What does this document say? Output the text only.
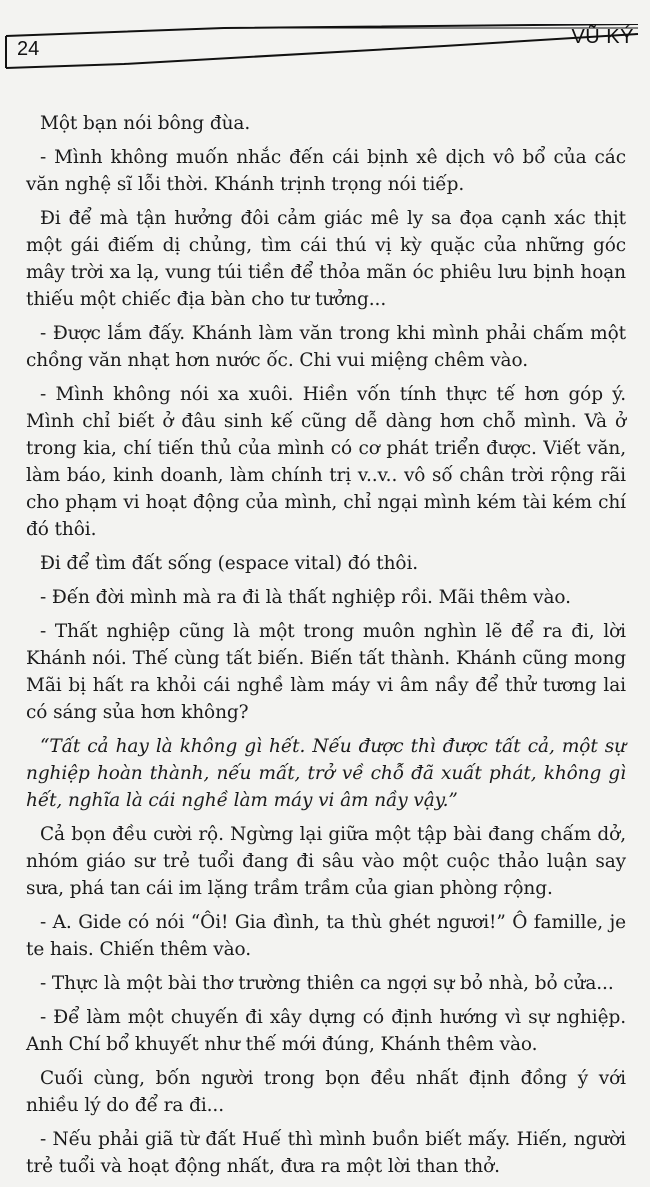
24
VŨ KÝ

Một bạn nói bông đùa.

- Mình không muốn nhắc đến cái bịnh xê dịch vô bổ của các văn nghệ sĩ lỗi thời. Khánh trịnh trọng nói tiếp.

Đi để mà tận hưởng đôi cảm giác mê ly sa đọa cạnh xác thịt một gái điếm dị chủng, tìm cái thú vị kỳ quặc của những góc mây trời xa lạ, vung túi tiền để thỏa mãn óc phiêu lưu bịnh hoạn thiếu một chiếc địa bàn cho tư tưởng...

- Được lắm đấy. Khánh làm văn trong khi mình phải chấm một chồng văn nhạt hơn nước ốc. Chi vui miệng chêm vào.

- Mình không nói xa xuôi. Hiền vốn tính thực tế hơn góp ý. Mình chỉ biết ở đâu sinh kế cũng dễ dàng hơn chỗ mình. Và ở trong kia, chí tiến thủ của mình có cơ phát triển được. Viết văn, làm báo, kinh doanh, làm chính trị v..v.. vô số chân trời rộng rãi cho phạm vi hoạt động của mình, chỉ ngại mình kém tài kém chí đó thôi.

Đi để tìm đất sống (espace vital) đó thôi.

- Đến đời mình mà ra đi là thất nghiệp rồi. Mãi thêm vào.

- Thất nghiệp cũng là một trong muôn nghìn lẽ để ra đi, lời Khánh nói. Thế cùng tất biến. Biến tất thành. Khánh cũng mong Mãi bị hất ra khỏi cái nghề làm máy vi âm nầy để thử tương lai có sáng sủa hơn không?

“Tất cả hay là không gì hết. Nếu được thì được tất cả, một sự nghiệp hoàn thành, nếu mất, trở về chỗ đã xuất phát, không gì hết, nghĩa là cái nghề làm máy vi âm nầy vậy.”

Cả bọn đều cười rộ. Ngừng lại giữa một tập bài đang chấm dở, nhóm giáo sư trẻ tuổi đang đi sâu vào một cuộc thảo luận say sưa, phá tan cái im lặng trầm trầm của gian phòng rộng.

- A. Gide có nói “Ôi! Gia đình, ta thù ghét ngươi!” Ô famille, je te hais. Chiến thêm vào.

- Thực là một bài thơ trường thiên ca ngợi sự bỏ nhà, bỏ cửa...

- Để làm một chuyến đi xây dựng có định hướng vì sự nghiệp. Anh Chí bổ khuyết như thế mới đúng, Khánh thêm vào.

Cuối cùng, bốn người trong bọn đều nhất định đồng ý với nhiều lý do để ra đi...

- Nếu phải giã từ đất Huế thì mình buồn biết mấy. Hiến, người trẻ tuổi và hoạt động nhất, đưa ra một lời than thở.
